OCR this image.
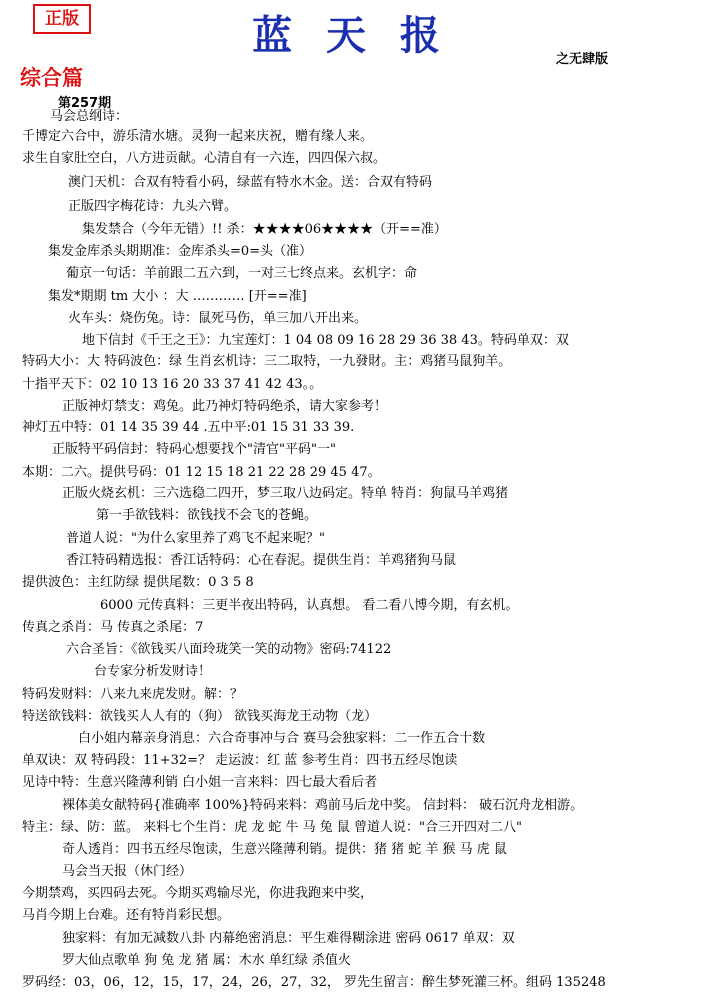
正版	蓝 天 报
之无肆版
综合篇
第257期
马会总纲诗：
千博定六合中，游乐清水塘。灵狗一起来庆祝，赠有缘人来。
求生自家肚空白，八方进贡献。心清自有一六连，四四保六叔。
澳门天机：合双有特看小码，绿蓝有特水木金。送：合双有特码
正版四字梅花诗：九头六臂。
集发禁合（今年无错）!! 杀：★★★★06★★★★（开==准）
集发金库杀头期期准：金库杀头=0=头（准）
葡京一句话：羊前跟二五六到，一对三七终点来。玄机字：命
集发*期期 tm 大小 ：大 ………… [开==准]
火车头：烧伤兔。诗：鼠死马伤，单三加八开出来。
地下信封《千王之王》：九宝莲灯：1 04 08 09 16 28 29 36 38 43。特码单双：双
特码大小：大 特码波色：绿 生肖玄机诗：三二取特，一九發財。主：鸡猪马鼠狗羊。
十指平天下：02 10 13 16 20 33 37 41 42 43。。
正版神灯禁支：鸡兔。此乃神灯特码绝杀，请大家参考！
神灯五中特：01 14 35 39 44 .五中平:01 15 31 33 39.
正版特平码信封：特码心想要找个"清官"平码"一"
本期：二六。提供号码：01 12 15 18 21 22 28 29 45 47。
正版火烧玄机：三六选稳二四开，梦三取八边码定。特单 特肖：狗鼠马羊鸡猪
第一手欲钱料：欲钱找不会飞的苍蝇。
普道人说："为什么家里养了鸡飞不起来呢？"
香江特码精选报：香江话特码：心在春泥。提供生肖：羊鸡猪狗马鼠
提供波色：主红防绿 提供尾数：0 3 5 8
6000 元传真料：三更半夜出特码，认真想。 看二看八博今期，有玄机。
传真之杀肖：马 传真之杀尾：7
六合圣旨：《欲钱买八面玲珑笑一笑的动物》密码:74122
台专家分析发财诗！
特码发财料：八来九来虎发财。解：？
特送欲钱料：欲钱买人人有的（狗） 欲钱买海龙王动物（龙）
白小姐内幕亲身消息：六合奇事冲与合 赛马会独家料：二一作五合十数
单双诀：双 特码段：11+32=？ 走运波：红 蓝 参考生肖：四书五经尽饱读
见诗中特：生意兴隆薄利销 白小姐一言来料：四七最大看后者
裸体美女献特码{准确率 100%}特码来料：鸡前马后龙中奖。 信封料： 破石沉舟龙相游。
特主：绿、防：蓝。 来料七个生肖：虎 龙 蛇 牛 马 兔 鼠 曾道人说："合三开四对二八"
奇人透肖：四书五经尽饱读，生意兴隆薄利销。提供：猪 猪 蛇 羊 猴 马 虎 鼠
马会当天报（休门经）
今期禁鸡，买四码去死。今期买鸡输尽光，你进我跑来中奖，
马肖今期上台难。还有特肖彩民想。
独家料：有加无减数八卦 内幕绝密消息：平生难得糊涂进 密码 0617 单双：双
罗大仙点歌单 狗 兔 龙 猪 属：木水 单红绿 杀值火
罗码经：03，06，12，15，17，24，26，27，32， 罗先生留言：醉生梦死灌三杯。组码 135248
